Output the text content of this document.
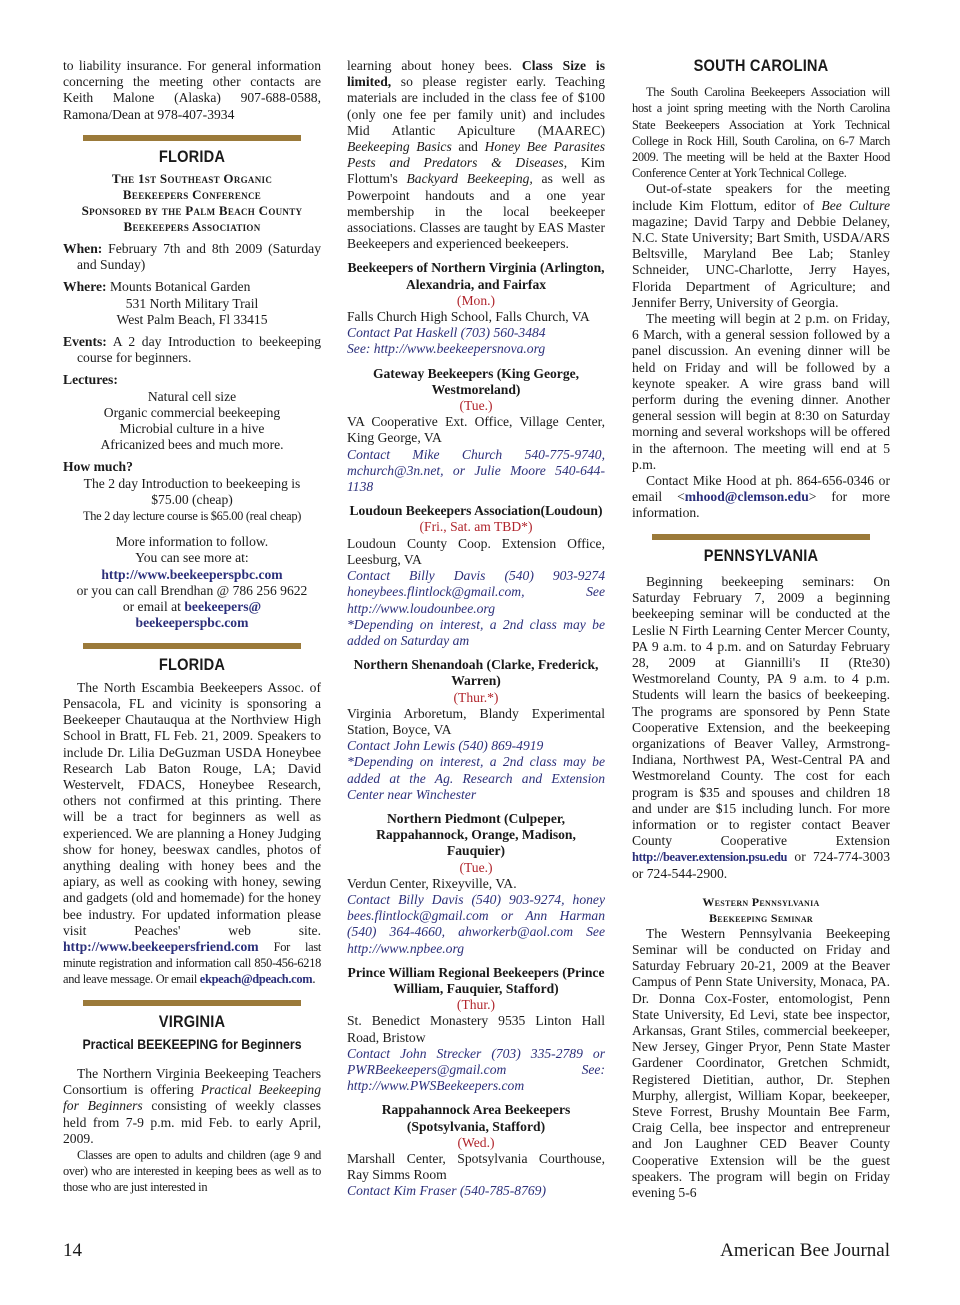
to liability insurance. For general information concerning the meeting other contacts are Keith Malone (Alaska) 907-688-0588, Ramona/Dean at 978-407-3934

FLORIDA
The 1st Southeast Organic
Beekeepers Conference
Sponsored by the Palm Beach County
Beekeepers Association

When: February 7th and 8th 2009 (Saturday and Sunday)

Where: Mounts Botanical Garden

531 North Military Trail

West Palm Beach, Fl 33415

Events: A 2 day Introduction to beekeeping course for beginners.

Lectures:

Natural cell size

Organic commercial beekeeping

Microbial culture in a hive

Africanized bees and much more.

How much?

The 2 day Introduction to beekeeping is

$75.00 (cheap)

The 2 day lecture course is $65.00 (real cheap)

More information to follow.

You can see more at:

http://www.beekeeperspbc.com

or you can call Brendhan @ 786 256 9622

or email at beekeepers@

beekeeperspbc.com

FLORIDA

The North Escambia Beekeepers Assoc. of Pensacola, FL and vicinity is sponsoring a Beekeeper Chautauqua at the Northview High School in Bratt, FL Feb. 21, 2009. Speakers to include Dr. Lilia DeGuzman USDA Honeybee Research Lab Baton Rouge, LA; David Westervelt, FDACS, Honeybee Research, others not confirmed at this printing. There will be a tract for beginners as well as experienced. We are planning a Honey Judging show for honey, beeswax candles, photos of anything dealing with honey bees and the apiary, as well as cooking with honey, sewing and gadgets (old and homemade) for the honey bee industry. For updated information please visit Peaches' web site. http://www.beekeepersfriend.com For last minute registration and information call 850-456-6218 and leave message. Or email ekpeach@dpeach.com.

VIRGINIA
Practical BEEKEEPING for Beginners

The Northern Virginia Beekeeping Teachers Consortium is offering Practical Beekeeping for Beginners consisting of weekly classes held from 7-9 p.m. mid Feb. to early April, 2009.

Classes are open to adults and children (age 9 and over) who are interested in keeping bees as well as to those who are just interested in

learning about honey bees. Class Size is limited, so please register early. Teaching materials are included in the class fee of $100 (only one fee per family unit) and includes Mid Atlantic Apiculture (MAAREC) Beekeeping Basics and Honey Bee Parasites Pests and Predators & Diseases, Kim Flottum's Backyard Beekeeping, as well as Powerpoint handouts and a one year membership in the local beekeeper associations. Classes are taught by EAS Master Beekeepers and experienced beekeepers.

Beekeepers of Northern Virginia (Arlington, Alexandria, and Fairfax

(Mon.)

Falls Church High School, Falls Church, VA

Contact Pat Haskell (703) 560-3484

See: http://www.beekeepersnova.org

Gateway Beekeepers (King George, Westmoreland)

(Tue.)

VA Cooperative Ext. Office, Village Center, King George, VA

Contact Mike Church 540-775-9740, mchurch@3n.net, or Julie Moore 540-644-1138

Loudoun Beekeepers Association(Loudoun)

(Fri., Sat. am TBD*)

Loudoun County Coop. Extension Office, Leesburg, VA

Contact Billy Davis (540) 903-9274 honeybees.flintlock@gmail.com, See http://www.loudounbee.org

*Depending on interest, a 2nd class may be added on Saturday am

Northern Shenandoah (Clarke, Frederick, Warren)

(Thur.*)

Virginia Arboretum, Blandy Experimental Station, Boyce, VA

Contact John Lewis (540) 869-4919

*Depending on interest, a 2nd class may be added at the Ag. Research and Extension Center near Winchester

Northern Piedmont (Culpeper, Rappahannock, Orange, Madison, Fauquier)

(Tue.)

Verdun Center, Rixeyville, VA.

Contact Billy Davis (540) 903-9274, honey bees.flintlock@gmail.com or Ann Harman (540) 364-4660, ahworkerb@aol.com See http://www.npbee.org

Prince William Regional Beekeepers (Prince William, Fauquier, Stafford)

(Thur.)

St. Benedict Monastery 9535 Linton Hall Road, Bristow

Contact John Strecker (703) 335-2789 or PWRBeekeepers@gmail.com See: http://www.PWSBeekeepers.com

Rappahannock Area Beekeepers (Spotsylvania, Stafford)

(Wed.)

Marshall Center, Spotsylvania Courthouse, Ray Simms Room

Contact Kim Fraser (540-785-8769)

SOUTH CAROLINA

The South Carolina Beekeepers Association will host a joint spring meeting with the North Carolina State Beekeepers Association at York Technical College in Rock Hill, South Carolina, on 6-7 March 2009. The meeting will be held at the Baxter Hood Conference Center at York Technical College.

Out-of-state speakers for the meeting include Kim Flottum, editor of Bee Culture magazine; David Tarpy and Debbie Delaney, N.C. State University; Bart Smith, USDA/ARS Beltsville, Maryland Bee Lab; Stanley Schneider, UNC-Charlotte, Jerry Hayes, Florida Department of Agriculture; and Jennifer Berry, University of Georgia.

The meeting will begin at 2 p.m. on Friday, 6 March, with a general session followed by a panel discussion. An evening dinner will be held on Friday and will be followed by a keynote speaker. A wire grass band will perform during the evening dinner. Another general session will begin at 8:30 on Saturday morning and several workshops will be offered in the afternoon. The meeting will end at 5 p.m.

Contact Mike Hood at ph. 864-656-0346 or email <mhood@clemson.edu> for more information.

PENNSYLVANIA

Beginning beekeeping seminars: On Saturday February 7, 2009 a beginning beekeeping seminar will be conducted at the Leslie N Firth Learning Center Mercer County, PA 9 a.m. to 4 p.m. and on Saturday February 28, 2009 at Giannilli's II (Rte30) Westmoreland County, PA 9 a.m. to 4 p.m. Students will learn the basics of beekeeping. The programs are sponsored by Penn State Cooperative Extension, and the beekeeping organizations of Beaver Valley, Armstrong-Indiana, Northwest PA, West-Central PA and Westmoreland County. The cost for each program is $35 and spouses and children 18 and under are $15 including lunch. For more information or to register contact Beaver County Cooperative Extension http://beaver.extension.psu.edu or 724-774-3003 or 724-544-2900.

Western Pennsylvania
Beekeeping Seminar

The Western Pennsylvania Beekeeping Seminar will be conducted on Friday and Saturday February 20-21, 2009 at the Beaver Campus of Penn State University, Monaca, PA. Dr. Donna Cox-Foster, entomologist, Penn State University, Ed Levi, state bee inspector, Arkansas, Grant Stiles, commercial beekeeper, New Jersey, Ginger Pryor, Penn State Master Gardener Coordinator, Gretchen Schmidt, Registered Dietitian, author, Dr. Stephen Murphy, allergist, William Kopar, beekeeper, Steve Forrest, Brushy Mountain Bee Farm, Craig Cella, bee inspector and entrepreneur and Jon Laughner CED Beaver County Cooperative Extension will be the guest speakers. The program will begin on Friday evening 5-6

14	American Bee Journal
